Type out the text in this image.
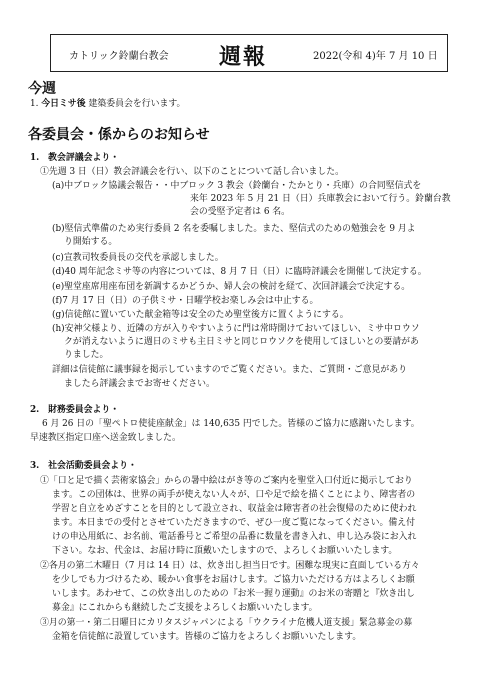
カトリック鈴蘭台教会 週報	2022(令和 4)年 7 月 10 日
今週
1. 今日ミサ後 建築委員会を行います。
各委員会・係からのお知らせ
1.　教会評議会より・
①先週 3 日（日）教会評議会を行い、以下のことについて話し合いました。
(a)中ブロック協議会報告・・中ブロック 3 教会（鈴蘭台・たかとり・兵庫）の合同堅信式を
来年 2023 年 5 月 21 日（日）兵庫教会において行う。鈴蘭台教
会の受堅予定者は 6 名。
(b)堅信式準備のため実行委員 2 名を委嘱しました。また、堅信式のための勉強会を 9 月よ
り開始する。
(c)宣教司牧委員長の交代を承認しました。
(d)40 周年記念ミサ等の内容については、8 月 7 日（日）に臨時評議会を開催して決定する。
(e)聖堂座席用座布団を新調するかどうか、婦人会の検討を経て、次回評議会で決定する。
(f)7 月 17 日（日）の子供ミサ・日曜学校お楽しみ会は中止する。
(g)信徒館に置いていた献金箱等は安全のため聖堂後方に置くようにする。
(h)安神父様より、近隣の方が入りやすいように門は常時開けておいてほしい、ミサ中ロウソ
クが消えないように週日のミサも主日ミサと同じロウソクを使用してほしいとの要請があ
りました。
詳細は信徒館に議事録を掲示していますのでご覧ください。また、ご質問・ご意見があり
ましたら評議会までお寄せください。
2.　財務委員会より・
6 月 26 日の「聖ペトロ使徒座献金」は 140,635 円でした。皆様のご協力に感謝いたします。
早速教区指定口座へ送金致しました。
3.　社会活動委員会より・
①「口と足で描く芸術家協会」からの暑中絵はがき等のご案内を聖堂入口付近に掲示しており
ます。この団体は、世界の両手が使えない人々が、口や足で絵を描くことにより、障害者の
学習と自立をめざすことを目的として設立され、収益金は障害者の社会復帰のために使われ
ます。本日までの受付とさせていただきますので、ぜひ一度ご覧になってください。備え付
けの申込用紙に、お名前、電話番号とご希望の品番に数量を書き入れ、申し込み袋にお入れ
下さい。なお、代金は、お届け時に頂戴いたしますので、よろしくお願いいたします。
②各月の第二木曜日（7 月は 14 日）は、炊き出し担当日です。困難な現実に直面している方々
を少しでも力づけるため、暖かい食事をお届けします。ご協力いただける方はよろしくお願
いします。あわせて、この炊き出しのための『お米一握り運動』のお米の寄贈と『炊き出し
募金』にこれからも継続したご支援をよろしくお願いいたします。
③月の第一・第二日曜日にカリタスジャパンによる「ウクライナ危機人道支援」緊急募金の募
金箱を信徒館に設置しています。皆様のご協力をよろしくお願いいたします。
